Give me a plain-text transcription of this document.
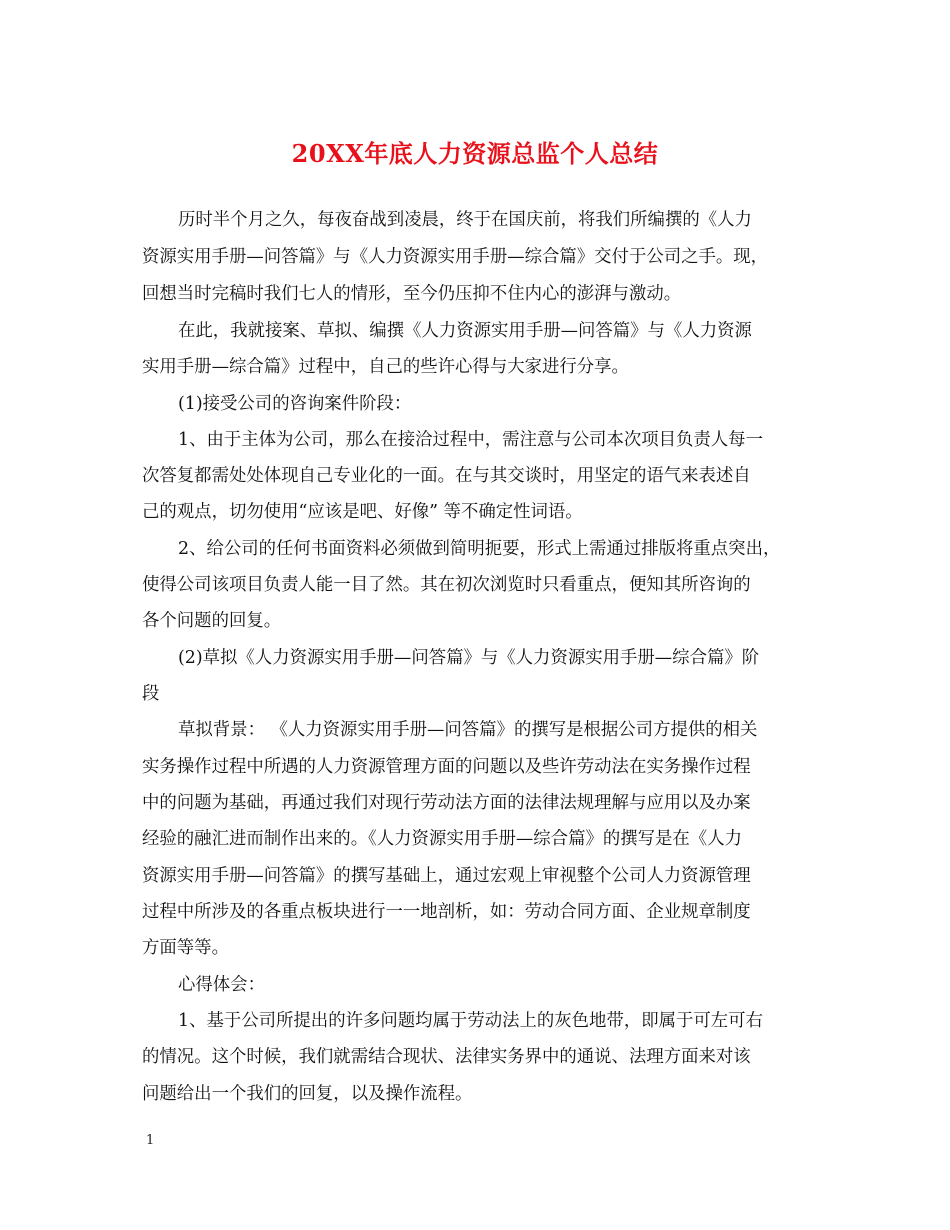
20XX年底人力资源总监个人总结
历时半个月之久，每夜奋战到凌晨，终于在国庆前，将我们所编撰的《人力
资源实用手册—问答篇》与《人力资源实用手册—综合篇》交付于公司之手。现，
回想当时完稿时我们七人的情形，至今仍压抑不住内心的澎湃与激动。
在此，我就接案、草拟、编撰《人力资源实用手册—问答篇》与《人力资源
实用手册—综合篇》过程中，自己的些许心得与大家进行分享。
(1)接受公司的咨询案件阶段：
1、由于主体为公司，那么在接洽过程中，需注意与公司本次项目负责人每一
次答复都需处处体现自己专业化的一面。在与其交谈时，用坚定的语气来表述自
己的观点，切勿使用“应该是吧、好像” 等不确定性词语。
2、给公司的任何书面资料必须做到简明扼要，形式上需通过排版将重点突出，
使得公司该项目负责人能一目了然。其在初次浏览时只看重点，便知其所咨询的
各个问题的回复。
(2)草拟《人力资源实用手册—问答篇》与《人力资源实用手册—综合篇》阶
段
草拟背景： 《人力资源实用手册—问答篇》的撰写是根据公司方提供的相关
实务操作过程中所遇的人力资源管理方面的问题以及些许劳动法在实务操作过程
中的问题为基础，再通过我们对现行劳动法方面的法律法规理解与应用以及办案
经验的融汇进而制作出来的。《人力资源实用手册—综合篇》的撰写是在《人力
资源实用手册—问答篇》的撰写基础上，通过宏观上审视整个公司人力资源管理
过程中所涉及的各重点板块进行一一地剖析，如：劳动合同方面、企业规章制度
方面等等。
心得体会：
1、基于公司所提出的许多问题均属于劳动法上的灰色地带，即属于可左可右
的情况。这个时候，我们就需结合现状、法律实务界中的通说、法理方面来对该
问题给出一个我们的回复，以及操作流程。
1
